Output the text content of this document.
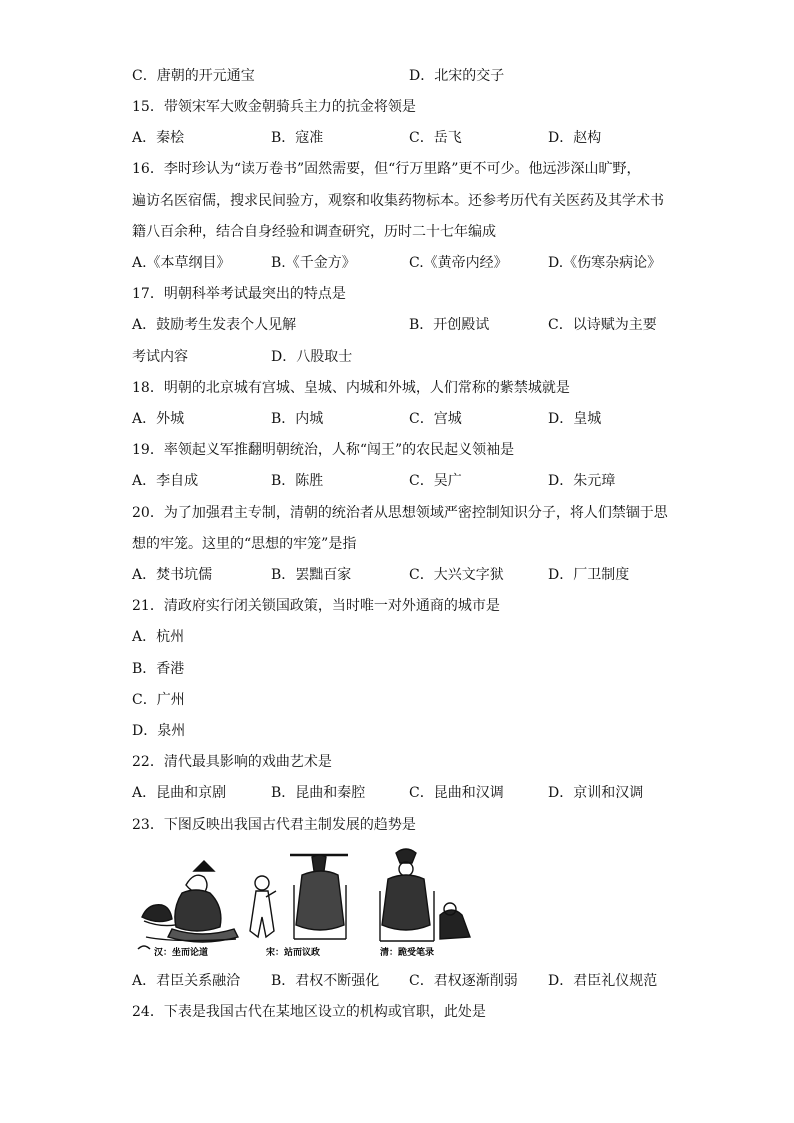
C．唐朝的开元通宝	D．北宋的交子
15．带领宋军大败金朝骑兵主力的抗金将领是
A．秦桧	B．寇准	C．岳飞	D．赵构
16．李时珍认为“读万卷书”固然需要，但“行万里路”更不可少。他远涉深山旷野，
遍访名医宿儒，搜求民间验方，观察和收集药物标本。还参考历代有关医药及其学术书
籍八百余种，结合自身经验和调查研究，历时二十七年编成
A.《本草纲目》	B.《千金方》	C.《黄帝内经》	D.《伤寒杂病论》
17．明朝科举考试最突出的特点是
A．鼓励考生发表个人见解	B．开创殿试	C．以诗赋为主要
考试内容	D．八股取士
18．明朝的北京城有宫城、皇城、内城和外城，人们常称的紫禁城就是
A．外城	B．内城	C．宫城	D．皇城
19．率领起义军推翻明朝统治，人称“闯王”的农民起义领袖是
A．李自成	B．陈胜	C．吴广	D．朱元璋
20．为了加强君主专制，清朝的统治者从思想领域严密控制知识分子，将人们禁锢于思
想的牢笼。这里的“思想的牢笼”是指
A．焚书坑儒	B．罢黜百家	C．大兴文字狱	D．厂卫制度
21．清政府实行闭关锁国政策，当时唯一对外通商的城市是
A．杭州
B．香港
C．广州
D．泉州
22．清代最具影响的戏曲艺术是
A．昆曲和京剧	B．昆曲和秦腔	C．昆曲和汉调	D．京训和汉调
23．下图反映出我国古代君主制发展的趋势是
汉：坐而论道	宋：站而议政	清：跪受笔录
A．君臣关系融洽 B．君权不断强化 C．君权逐渐削弱 D．君臣礼仪规范
24．下表是我国古代在某地区设立的机构或官职，此处是
